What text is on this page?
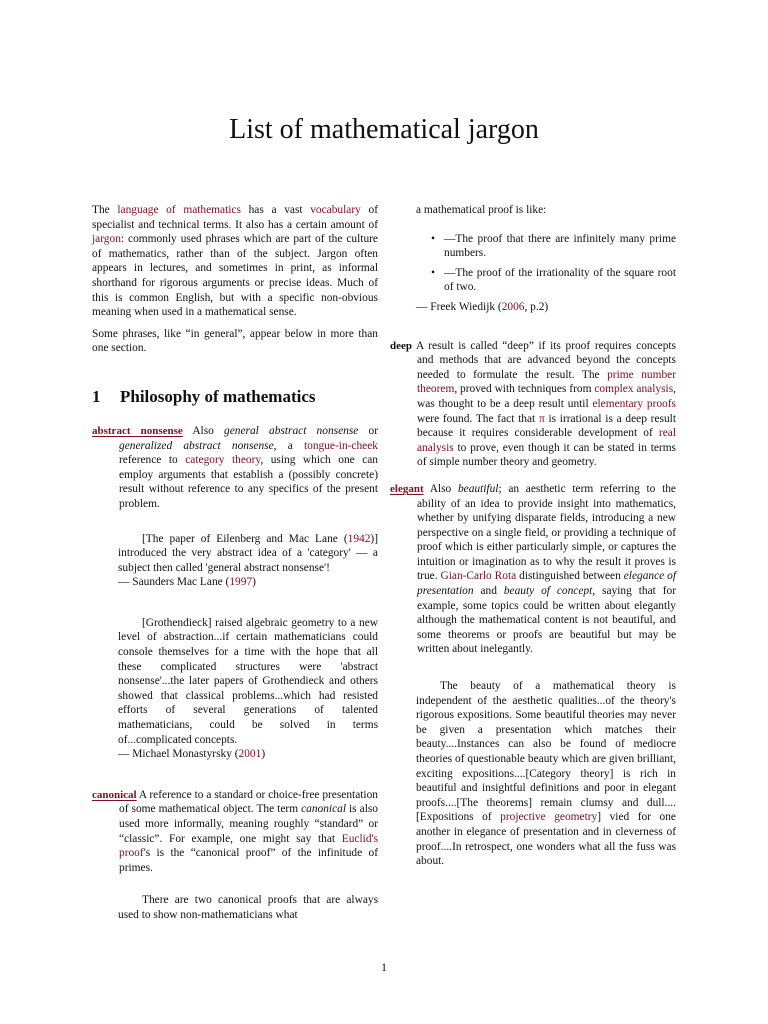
List of mathematical jargon

The language of mathematics has a vast vocabulary of specialist and technical terms. It also has a certain amount of jargon: commonly used phrases which are part of the culture of mathematics, rather than of the subject. Jargon often appears in lectures, and sometimes in print, as informal shorthand for rigorous arguments or precise ideas. Much of this is common English, but with a specific non-obvious meaning when used in a mathematical sense.

Some phrases, like “in general”, appear below in more than one section.

1 Philosophy of mathematics

abstract nonsense Also general abstract nonsense or generalized abstract nonsense, a tongue-in-cheek reference to category theory, using which one can employ arguments that establish a (possibly concrete) result without reference to any specifics of the present problem.

[The paper of Eilenberg and Mac Lane (1942)] introduced the very abstract idea of a 'category' — a subject then called 'general abstract nonsense'!

— Saunders Mac Lane (1997)

[Grothendieck] raised algebraic geometry to a new level of abstraction...if certain mathematicians could console themselves for a time with the hope that all these complicated structures were 'abstract nonsense'...the later papers of Grothendieck and others showed that classical problems...which had resisted efforts of several generations of talented mathematicians, could be solved in terms of...complicated concepts.

— Michael Monastyrsky (2001)

canonical A reference to a standard or choice-free presentation of some mathematical object. The term canonical is also used more informally, meaning roughly “standard” or “classic”. For example, one might say that Euclid's proof's is the “canonical proof” of the infinitude of primes.

There are two canonical proofs that are always used to show non-mathematicians what

a mathematical proof is like:

• —The proof that there are infinitely many prime numbers.
• —The proof of the irrationality of the square root of two.

— Freek Wiedijk (2006, p.2)

deep A result is called “deep” if its proof requires concepts and methods that are advanced beyond the concepts needed to formulate the result. The prime number theorem, proved with techniques from complex analysis, was thought to be a deep result until elementary proofs were found. The fact that π is irrational is a deep result because it requires considerable development of real analysis to prove, even though it can be stated in terms of simple number theory and geometry.

elegant Also beautiful; an aesthetic term referring to the ability of an idea to provide insight into mathematics, whether by unifying disparate fields, introducing a new perspective on a single field, or providing a technique of proof which is either particularly simple, or captures the intuition or imagination as to why the result it proves is true. Gian-Carlo Rota distinguished between elegance of presentation and beauty of concept, saying that for example, some topics could be written about elegantly although the mathematical content is not beautiful, and some theorems or proofs are beautiful but may be written about inelegantly.

The beauty of a mathematical theory is independent of the aesthetic qualities...of the theory's rigorous expositions. Some beautiful theories may never be given a presentation which matches their beauty....Instances can also be found of mediocre theories of questionable beauty which are given brilliant, exciting expositions....[Category theory] is rich in beautiful and insightful definitions and poor in elegant proofs....[The theorems] remain clumsy and dull....[Expositions of projective geometry] vied for one another in elegance of presentation and in cleverness of proof....In retrospect, one wonders what all the fuss was about.

1
